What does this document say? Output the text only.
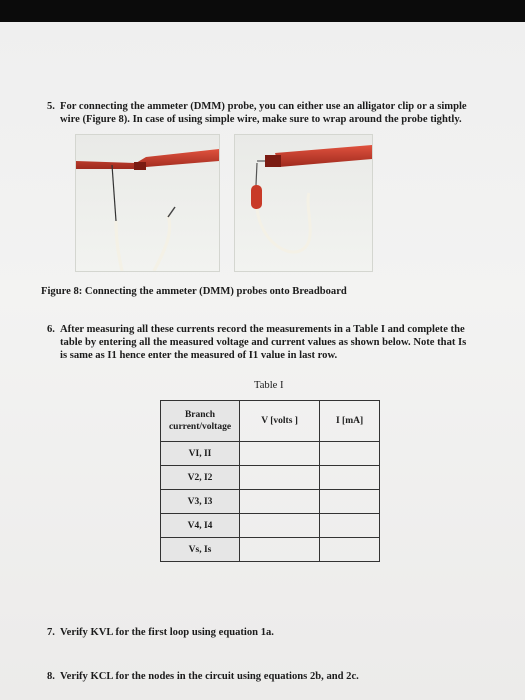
5. For connecting the ammeter (DMM) probe, you can either use an alligator clip or a simple
wire (Figure 8). In case of using simple wire, make sure to wrap around the probe tightly.
Figure 8: Connecting the ammeter (DMM) probes onto Breadboard
6. After measuring all these currents record the measurements in a Table I and complete the
table by entering all the measured voltage and current values as shown below. Note that Is
is same as I1 hence enter the measured of I1 value in last row.
Table I
Branch current/voltage	V [volts ]	I [mA]
VI, II		
V2, I2		
V3, I3		
V4, I4		
Vs, Is		
7. Verify KVL for the first loop using equation 1a.
8. Verify KCL for the nodes in the circuit using equations 2b, and 2c.
